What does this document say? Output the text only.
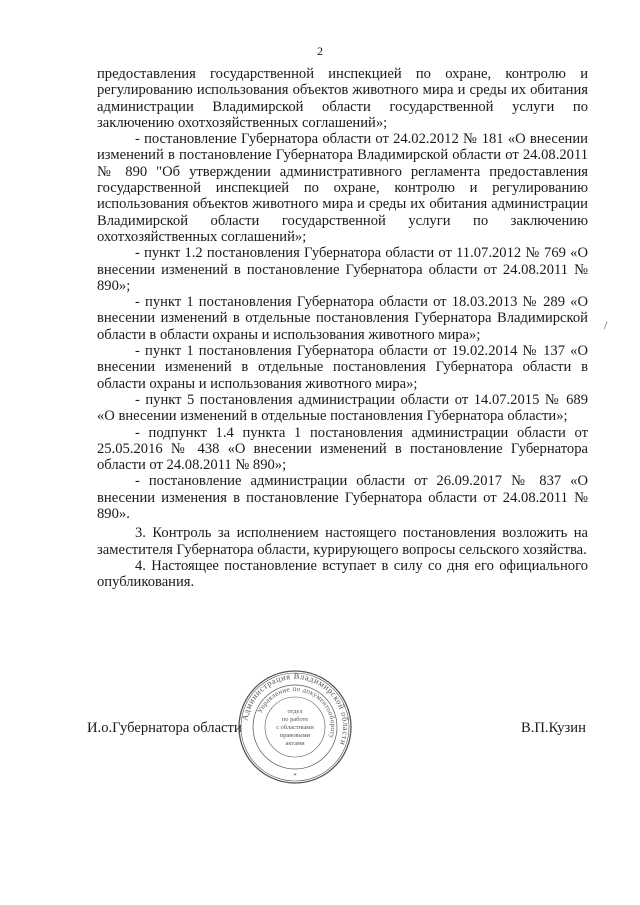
2
/

предоставления государственной инспекцией по охране, контролю и регулированию использования объектов животного мира и среды их обитания администрации Владимирской области государственной услуги по заключению охотхозяйственных соглашений»;

- постановление Губернатора области от 24.02.2012 № 181 «О внесении изменений в постановление Губернатора Владимирской области от 24.08.2011 № 890 "Об утверждении административного регламента предоставления государственной инспекцией по охране, контролю и регулированию использования объектов животного мира и среды их обитания администрации Владимирской области государственной услуги по заключению охотхозяйственных соглашений»;

- пункт 1.2 постановления Губернатора области от 11.07.2012 № 769 «О внесении изменений в постановление Губернатора области от 24.08.2011 № 890»;

- пункт 1 постановления Губернатора области от 18.03.2013 № 289 «О внесении изменений в отдельные постановления Губернатора Владимирской области в области охраны и использования животного мира»;

- пункт 1 постановления Губернатора области от 19.02.2014 № 137 «О внесении изменений в отдельные постановления Губернатора области в области охраны и использования животного мира»;

- пункт 5 постановления администрации области от 14.07.2015 № 689 «О внесении изменений в отдельные постановления Губернатора области»;

- подпункт 1.4 пункта 1 постановления администрации области от 25.05.2016 № 438 «О внесении изменений в постановление Губернатора области от 24.08.2011 № 890»;

- постановление администрации области от 26.09.2017 № 837 «О внесении изменения в постановление Губернатора области от 24.08.2011 № 890».

3. Контроль за исполнением настоящего постановления возложить на заместителя Губернатора области, курирующего вопросы сельского хозяйства.

4. Настоящее постановление вступает в силу со дня его официального опубликования.

И.о.Губернатора области	В.П.Кузин
Администрация Владимирской области
Управление по документообороту
отдел
по работе
с областными
правовыми
актами
*
